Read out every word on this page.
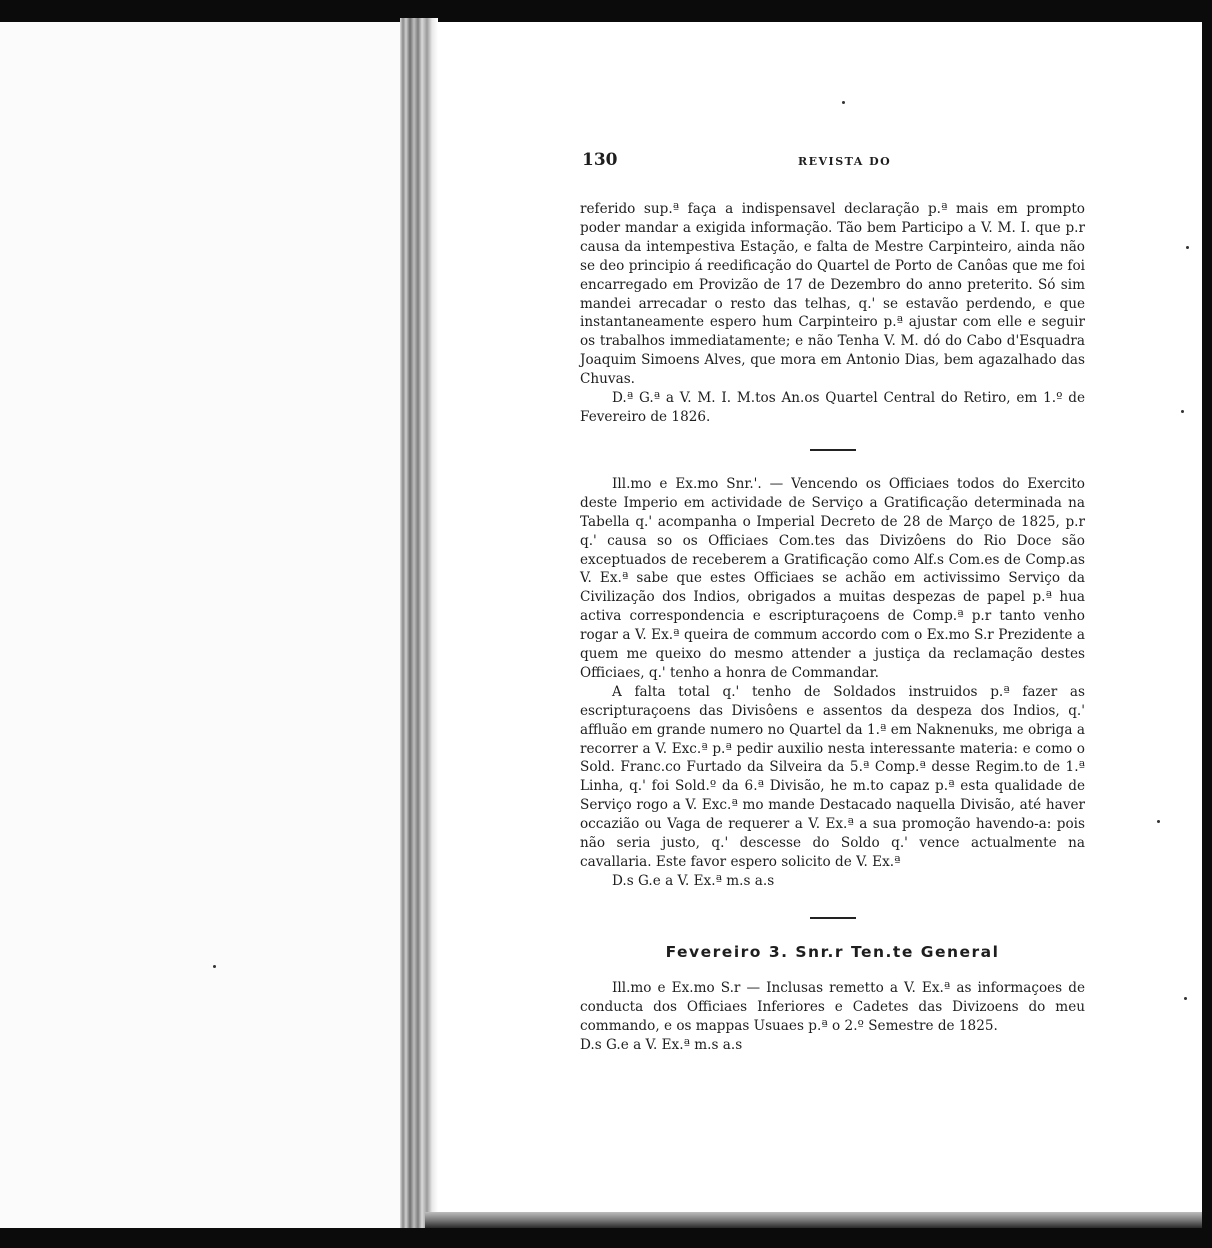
130	REVISTA DO

referido sup.ª faça a indispensavel declaração p.ª mais em prompto poder mandar a exigida informação. Tão bem Participo a V. M. I. que p.r causa da intempestiva Estação, e falta de Mestre Carpinteiro, ainda não se deo principio á reedificação do Quartel de Porto de Canôas que me foi encarregado em Provizão de 17 de Dezembro do anno preterito. Só sim mandei arrecadar o resto das telhas, q.' se estavão perdendo, e que instantaneamente espero hum Carpinteiro p.ª ajustar com elle e seguir os trabalhos immediatamente; e não Tenha V. M. dó do Cabo d'Esquadra Joaquim Simoens Alves, que mora em Antonio Dias, bem agazalhado das Chuvas.

D.ª G.ª a V. M. I. M.tos An.os Quartel Central do Retiro, em 1.º de Fevereiro de 1826.

Ill.mo e Ex.mo Snr.'. — Vencendo os Officiaes todos do Exercito deste Imperio em actividade de Serviço a Gratificação determinada na Tabella q.' acompanha o Imperial Decreto de 28 de Março de 1825, p.r q.' causa so os Officiaes Com.tes das Divizôens do Rio Doce são exceptuados de receberem a Gratificação como Alf.s Com.es de Comp.as V. Ex.ª sabe que estes Officiaes se achão em activissimo Serviço da Civilização dos Indios, obrigados a muitas despezas de papel p.ª hua activa correspondencia e escripturaçoens de Comp.ª p.r tanto venho rogar a V. Ex.ª queira de commum accordo com o Ex.mo S.r Prezidente a quem me queixo do mesmo attender a justiça da reclamação destes Officiaes, q.' tenho a honra de Commandar.

A falta total q.' tenho de Soldados instruidos p.ª fazer as escripturaçoens das Divisôens e assentos da despeza dos Indios, q.' affluão em grande numero no Quartel da 1.ª em Naknenuks, me obriga a recorrer a V. Exc.ª p.ª pedir auxilio nesta interessante materia: e como o Sold. Franc.co Furtado da Silveira da 5.ª Comp.ª desse Regim.to de 1.ª Linha, q.' foi Sold.º da 6.ª Divisão, he m.to capaz p.ª esta qualidade de Serviço rogo a V. Exc.ª mo mande Destacado naquella Divisão, até haver occazião ou Vaga de requerer a V. Ex.ª a sua promoção havendo-a: pois não seria justo, q.' descesse do Soldo q.' vence actualmente na cavallaria. Este favor espero solicito de V. Ex.ª

D.s G.e a V. Ex.ª m.s a.s

Fevereiro 3. Snr.r Ten.te General

Ill.mo e Ex.mo S.r — Inclusas remetto a V. Ex.ª as informaçoes de conducta dos Officiaes Inferiores e Cadetes das Divizoens do meu commando, e os mappas Usuaes p.ª o 2.º Semestre de 1825.

D.s G.e a V. Ex.ª m.s a.s
